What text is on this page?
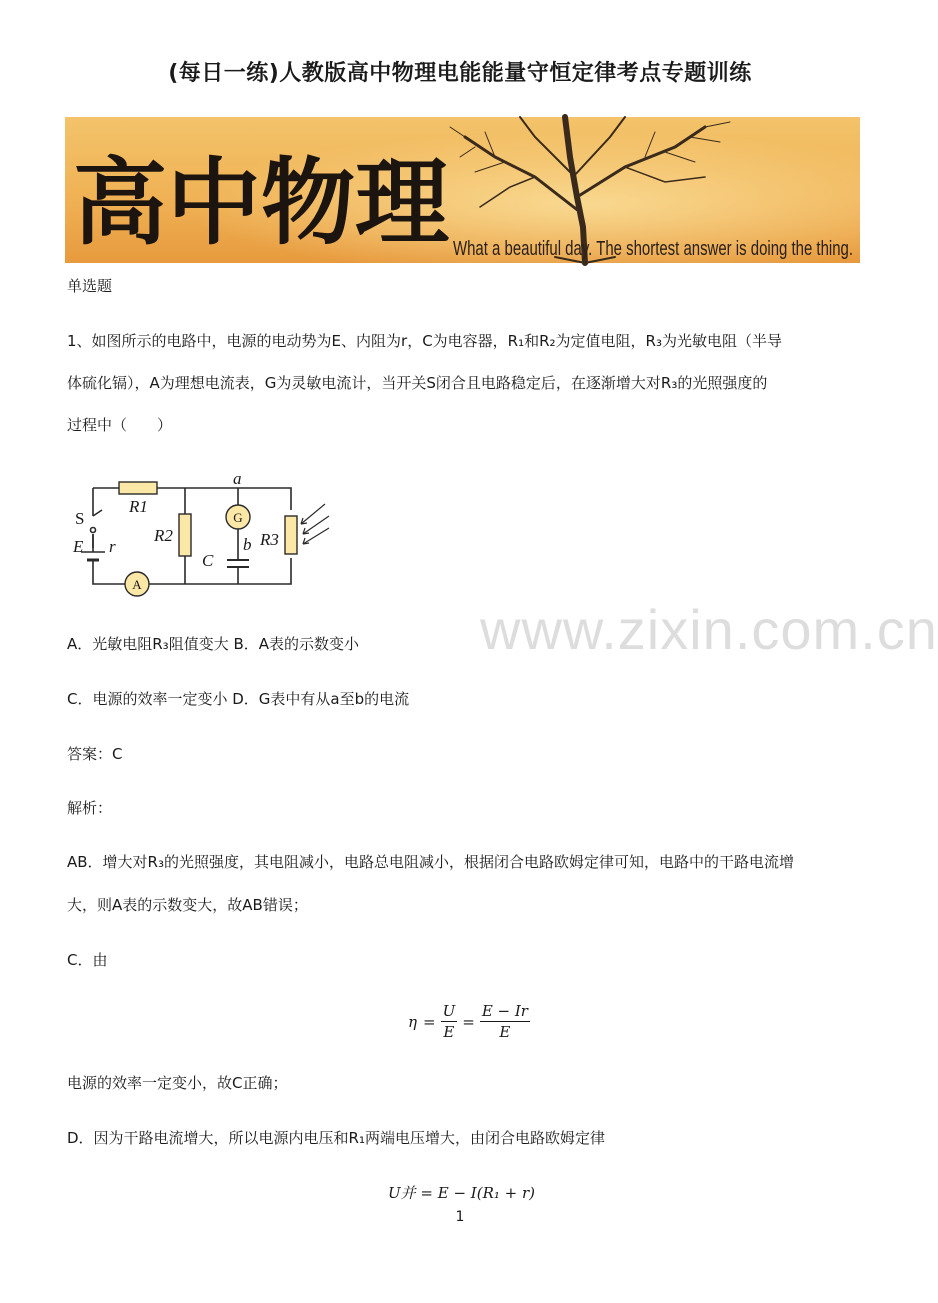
(每日一练)人教版高中物理电能能量守恒定律考点专题训练
高中物理 What a beautiful day. The shortest answer is doing the thing.
单选题
1、如图所示的电路中，电源的电动势为E、内阻为r，C为电容器，R₁和R₂为定值电阻，R₃为光敏电阻（半导
体硫化镉），A为理想电流表，G为灵敏电流计，当开关S闭合且电路稳定后，在逐渐增大对R₃的光照强度的
过程中（　　）
G
A
R1
R2	R3
E r
C
a
b
S
A．光敏电阻R₃阻值变大 B．A表的示数变小
C．电源的效率一定变小 D．G表中有从a至b的电流
答案：C
解析：
AB．增大对R₃的光照强度，其电阻减小，电路总电阻减小，根据闭合电路欧姆定律可知，电路中的干路电流增
大，则A表的示数变大，故AB错误；
C．由
$\eta = \frac{U}{E} = \frac{E - Ir}{E}$
电源的效率一定变小，故C正确；
D．因为干路电流增大，所以电源内电压和R₁两端电压增大，由闭合电路欧姆定律
U并 = E − I(R₁ + r)
www.zixin.com.cn
1
